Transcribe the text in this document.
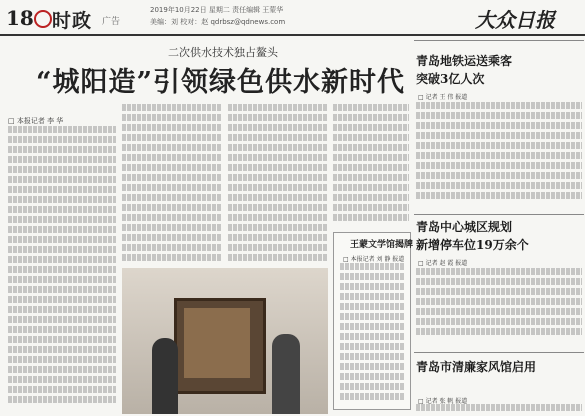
18 时政 广告
2019年10月22日 星期二 责任编辑 王蒙华
美编：刘 校对：赵 qdrbsz@qdnews.com	大众日报
二次供水技术独占鳌头
“城阳造”引领绿色供水新时代
□ 本报记者 李 华
王蒙文学馆揭牌
□ 本报记者 刘 静 报道
青岛地铁运送乘客
突破3亿人次
□ 记者 王 伟 报道
青岛中心城区规划
新增停车位19万余个
□ 记者 赵 霞 报道
青岛市清廉家风馆启用
□ 记者 张 帆 报道
